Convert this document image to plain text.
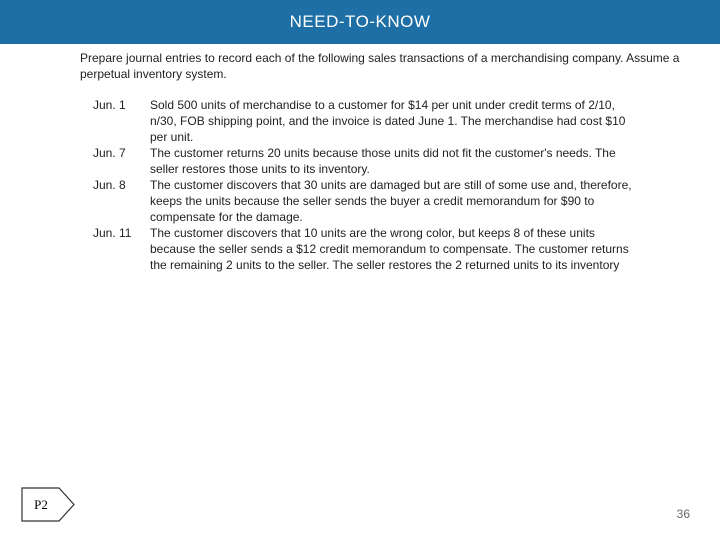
NEED-TO-KNOW
Prepare journal entries to record each of the following sales transactions of a merchandising company. Assume a perpetual inventory system.
Jun. 1	Sold 500 units of merchandise to a customer for $14 per unit under credit terms of 2/10, n/30, FOB shipping point, and the invoice is dated June 1. The merchandise had cost $10 per unit.
Jun. 7	The customer returns 20 units because those units did not fit the customer's needs. The seller restores those units to its inventory.
Jun. 8	The customer discovers that 30 units are damaged but are still of some use and, therefore, keeps the units because the seller sends the buyer a credit memorandum for $90 to compensate for the damage.
Jun. 11	The customer discovers that 10 units are the wrong color, but keeps 8 of these units because the seller sends a $12 credit memorandum to compensate. The customer returns the remaining 2 units to the seller. The seller restores the 2 returned units to its inventory
P2
36
